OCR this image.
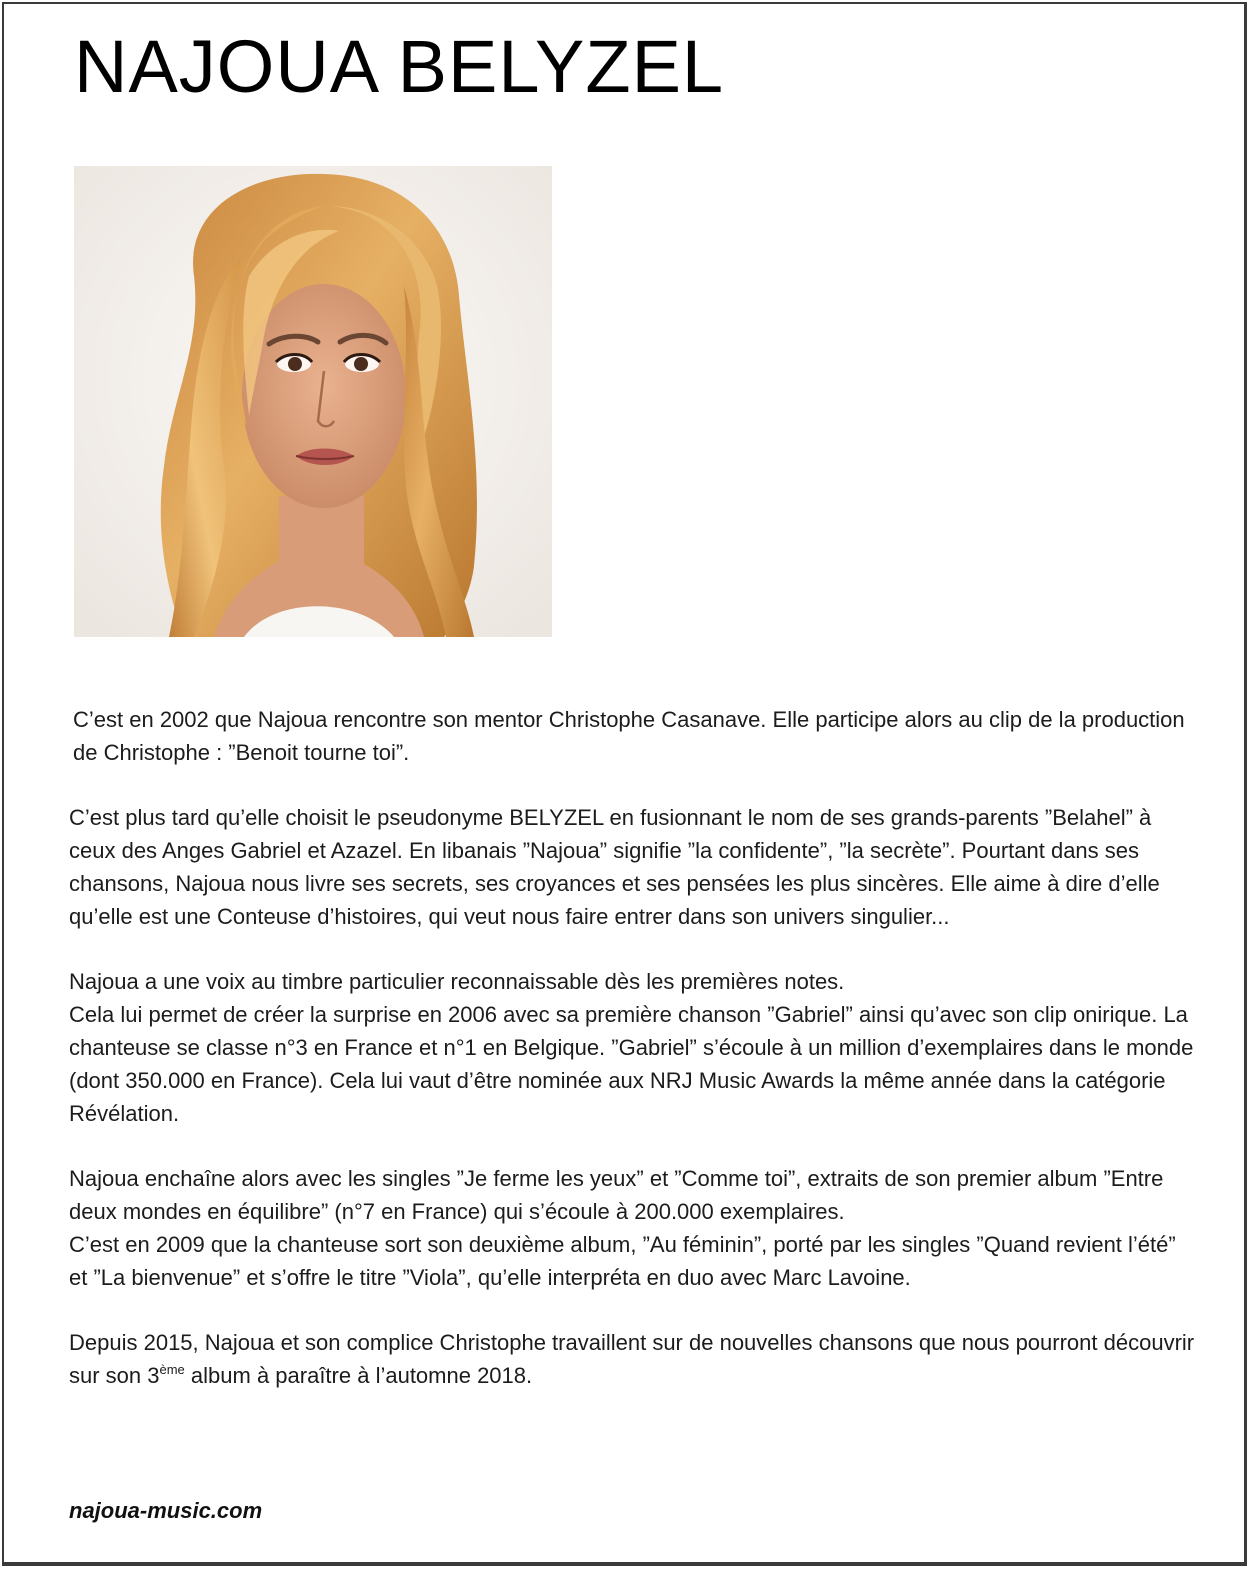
NAJOUA BELYZEL

C’est en 2002 que Najoua rencontre son mentor Christophe Casanave. Elle participe alors au clip de la production de Christophe : ”Benoit tourne toi”.

C’est plus tard qu’elle choisit le pseudonyme BELYZEL en fusionnant le nom de ses grands-parents ”Belahel” à ceux des Anges Gabriel et Azazel. En libanais ”Najoua” signifie ”la confidente”, ”la secrète”. Pourtant dans ses chansons, Najoua nous livre ses secrets, ses croyances et ses pensées les plus sincères. Elle aime à dire d’elle qu’elle est une Conteuse d’histoires, qui veut nous faire entrer dans son univers singulier...

Najoua a une voix au timbre particulier reconnaissable dès les premières notes.

Cela lui permet de créer la surprise en 2006 avec sa première chanson ”Gabriel” ainsi qu’avec son clip onirique. La chanteuse se classe n°3 en France et n°1 en Belgique. ”Gabriel” s’écoule à un million d’exemplaires dans le monde (dont 350.000 en France). Cela lui vaut d’être nominée aux NRJ Music Awards la même année dans la catégorie Révélation.

Najoua enchaîne alors avec les singles ”Je ferme les yeux” et ”Comme toi”, extraits de son premier album ”Entre deux mondes en équilibre” (n°7 en France) qui s’écoule à 200.000 exemplaires.

C’est en 2009 que la chanteuse sort son deuxième album, ”Au féminin”, porté par les singles ”Quand revient l’été” et ”La bienvenue” et s’offre le titre ”Viola”, qu’elle interpréta en duo avec Marc Lavoine.

Depuis 2015, Najoua et son complice Christophe travaillent sur de nouvelles chansons que nous pourront découvrir sur son 3ème album à paraître à l’automne 2018.

najoua-music.com
